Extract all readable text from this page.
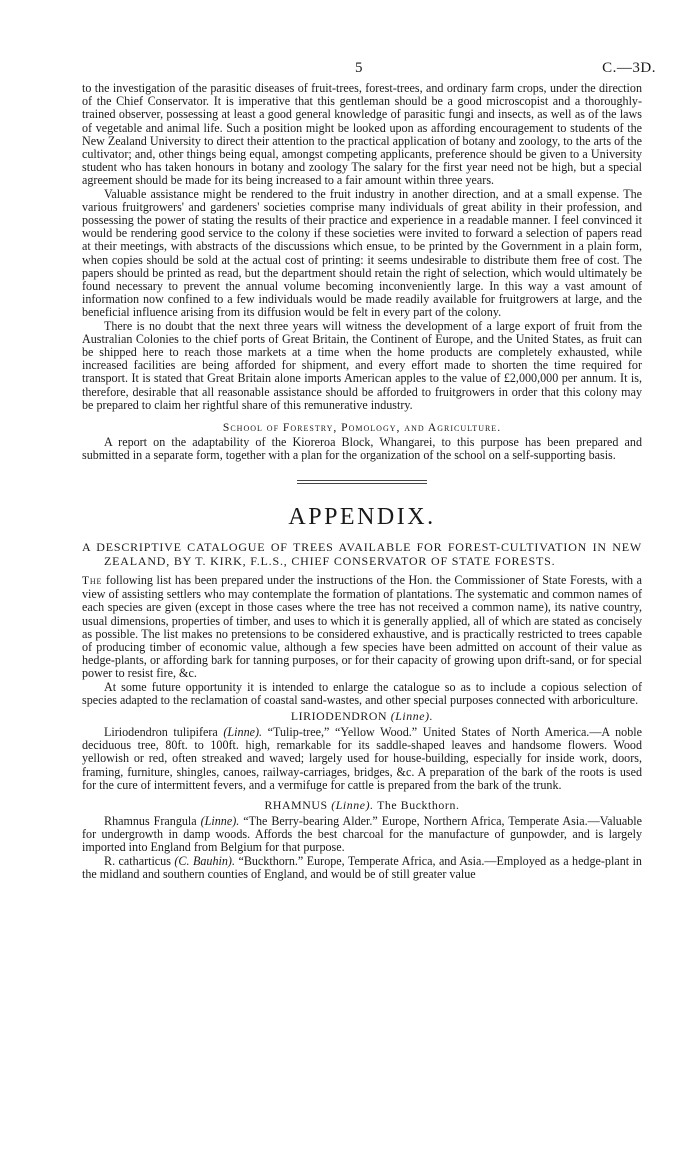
5	C.—3D.

to the investigation of the parasitic diseases of fruit-trees, forest-trees, and ordinary farm crops, under the direction of the Chief Conservator. It is imperative that this gentleman should be a good microscopist and a thoroughly-trained observer, possessing at least a good general knowledge of parasitic fungi and insects, as well as of the laws of vegetable and animal life. Such a position might be looked upon as affording encouragement to students of the New Zealand University to direct their attention to the practical application of botany and zoology, to the arts of the cultivator; and, other things being equal, amongst competing applicants, preference should be given to a University student who has taken honours in botany and zoology The salary for the first year need not be high, but a special agreement should be made for its being increased to a fair amount within three years.

Valuable assistance might be rendered to the fruit industry in another direction, and at a small expense. The various fruitgrowers' and gardeners' societies comprise many individuals of great ability in their profession, and possessing the power of stating the results of their practice and experience in a readable manner. I feel convinced it would be rendering good service to the colony if these societies were invited to forward a selection of papers read at their meetings, with abstracts of the discussions which ensue, to be printed by the Government in a plain form, when copies should be sold at the actual cost of printing: it seems undesirable to distribute them free of cost. The papers should be printed as read, but the department should retain the right of selection, which would ultimately be found necessary to prevent the annual volume becoming inconveniently large. In this way a vast amount of information now confined to a few individuals would be made readily available for fruitgrowers at large, and the beneficial influence arising from its diffusion would be felt in every part of the colony.

There is no doubt that the next three years will witness the development of a large export of fruit from the Australian Colonies to the chief ports of Great Britain, the Continent of Europe, and the United States, as fruit can be shipped here to reach those markets at a time when the home products are completely exhausted, while increased facilities are being afforded for shipment, and every effort made to shorten the time required for transport. It is stated that Great Britain alone imports American apples to the value of £2,000,000 per annum. It is, therefore, desirable that all reasonable assistance should be afforded to fruitgrowers in order that this colony may be prepared to claim her rightful share of this remunerative industry.

School of Forestry, Pomology, and Agriculture.

A report on the adaptability of the Kioreroa Block, Whangarei, to this purpose has been prepared and submitted in a separate form, together with a plan for the organization of the school on a self-supporting basis.

APPENDIX.

A DESCRIPTIVE CATALOGUE OF TREES AVAILABLE FOR FOREST-CULTIVATION IN NEW ZEALAND, BY T. KIRK, F.L.S., CHIEF CONSERVATOR OF STATE FORESTS.

The following list has been prepared under the instructions of the Hon. the Commissioner of State Forests, with a view of assisting settlers who may contemplate the formation of plantations. The systematic and common names of each species are given (except in those cases where the tree has not received a common name), its native country, usual dimensions, properties of timber, and uses to which it is generally applied, all of which are stated as concisely as possible. The list makes no pretensions to be considered exhaustive, and is practically restricted to trees capable of producing timber of economic value, although a few species have been admitted on account of their value as hedge-plants, or affording bark for tanning purposes, or for their capacity of growing upon drift-sand, or for special power to resist fire, &c.

At some future opportunity it is intended to enlarge the catalogue so as to include a copious selection of species adapted to the reclamation of coastal sand-wastes, and other special purposes connected with arboriculture.

LIRIODENDRON (Linne).

Liriodendron tulipifera (Linne). “Tulip-tree,” “Yellow Wood.” United States of North America.—A noble deciduous tree, 80ft. to 100ft. high, remarkable for its saddle-shaped leaves and handsome flowers. Wood yellowish or red, often streaked and waved; largely used for house-building, especially for inside work, doors, framing, furniture, shingles, canoes, railway-carriages, bridges, &c. A preparation of the bark of the roots is used for the cure of intermittent fevers, and a vermifuge for cattle is prepared from the bark of the trunk.

RHAMNUS (Linne). The Buckthorn.

Rhamnus Frangula (Linne). “The Berry-bearing Alder.” Europe, Northern Africa, Temperate Asia.—Valuable for undergrowth in damp woods. Affords the best charcoal for the manufacture of gunpowder, and is largely imported into England from Belgium for that purpose.

R. catharticus (C. Bauhin). “Buckthorn.” Europe, Temperate Africa, and Asia.—Employed as a hedge-plant in the midland and southern counties of England, and would be of still greater value
